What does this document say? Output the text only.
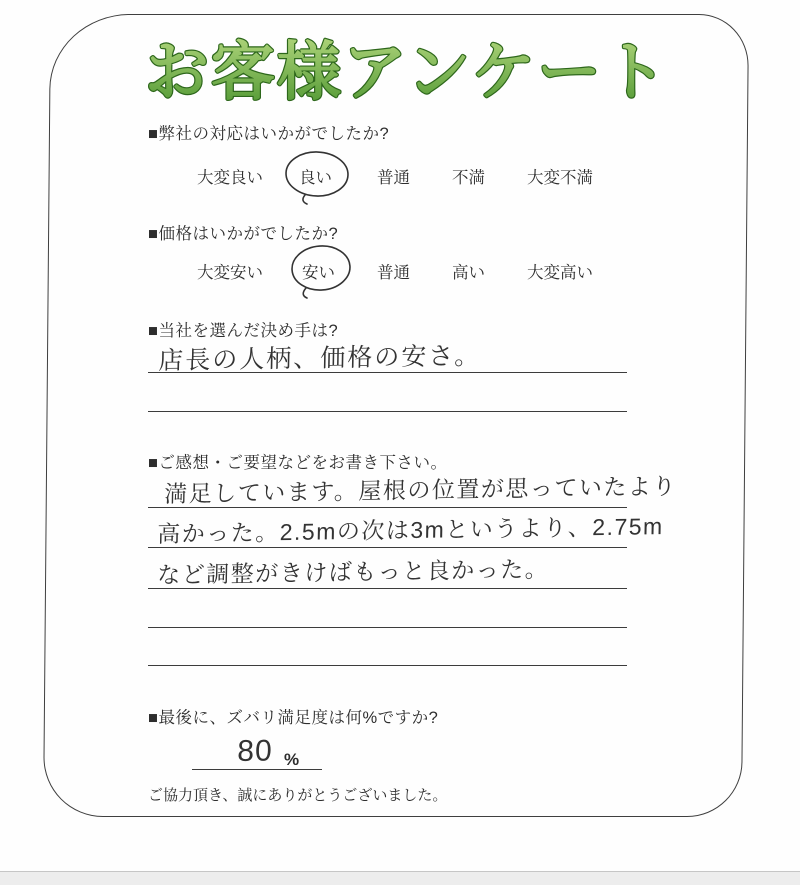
お客様アンケート
■弊社の対応はいかがでしたか?
大変良い 良い	普通	不満	大変不満
■価格はいかがでしたか?
大変安い 安い	普通	高い	大変高い
■当社を選んだ決め手は?
店長の人柄、価格の安さ。
■ご感想・ご要望などをお書き下さい。
満足しています。屋根の位置が思っていたより
高かった。2.5mの次は3mというより、2.75m
など調整がきけばもっと良かった。
■最後に、ズバリ満足度は何%ですか?
80 %
ご協力頂き、誠にありがとうございました。
